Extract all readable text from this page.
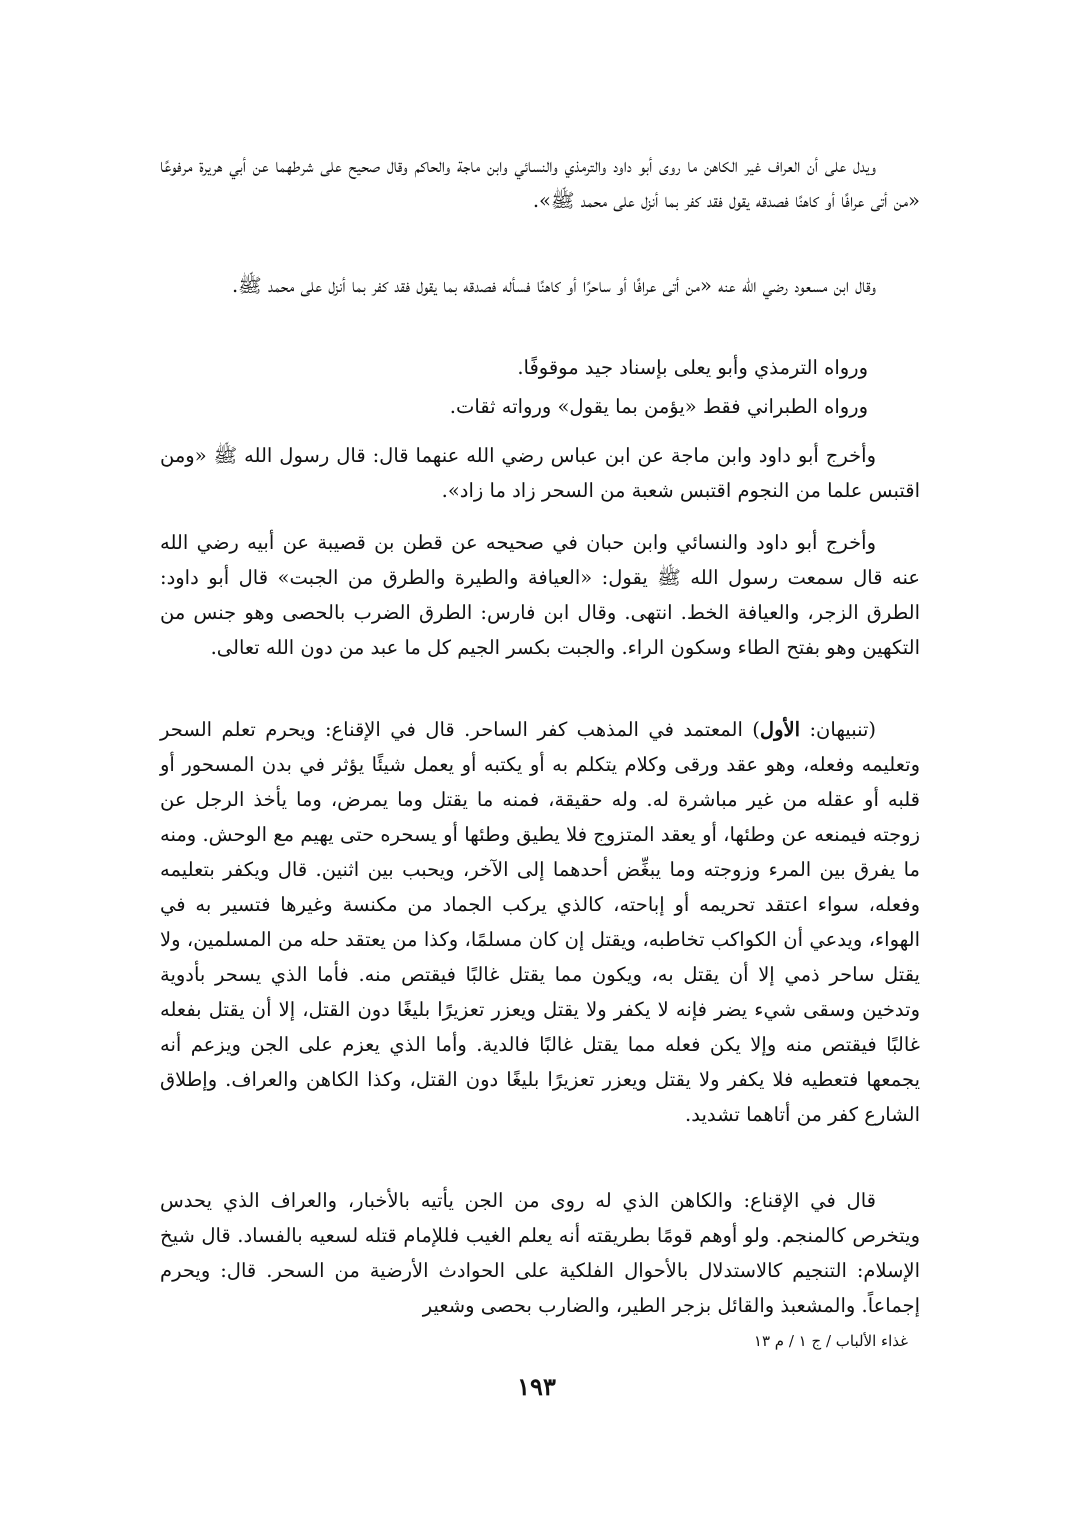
ويدل على أن العراف غير الكاهن ما روى أبو داود والترمذي والنسائي وابن ماجة والحاكم وقال صحيح على شرطهما عن أبي هريرة مرفوعًا «من أتى عرافًا أو كاهنًا فصدقه يقول فقد كفر بما أنزل على محمد ﷺ».

وقال ابن مسعود رضي الله عنه «من أتى عرافًا أو ساحرًا أو كاهنًا فسأله فصدقه بما يقول فقد كفر بما أنزل على محمد ﷺ.

ورواه الترمذي وأبو يعلى بإسناد جيد موقوفًا.

ورواه الطبراني فقط «يؤمن بما يقول» ورواته ثقات.

وأخرج أبو داود وابن ماجة عن ابن عباس رضي الله عنهما قال: قال رسول الله ﷺ «ومن اقتبس علما من النجوم اقتبس شعبة من السحر زاد ما زاد».

وأخرج أبو داود والنسائي وابن حبان في صحيحه عن قطن بن قصيبة عن أبيه رضي الله عنه قال سمعت رسول الله ﷺ يقول: «العيافة والطيرة والطرق من الجبت» قال أبو داود: الطرق الزجر، والعيافة الخط. انتهى. وقال ابن فارس: الطرق الضرب بالحصى وهو جنس من التكهين وهو بفتح الطاء وسكون الراء. والجبت بكسر الجيم كل ما عبد من دون الله تعالى.

(تنبيهان: الأول) المعتمد في المذهب كفر الساحر. قال في الإقناع: ويحرم تعلم السحر وتعليمه وفعله، وهو عقد ورقى وكلام يتكلم به أو يكتبه أو يعمل شيئًا يؤثر في بدن المسحور أو قلبه أو عقله من غير مباشرة له. وله حقيقة، فمنه ما يقتل وما يمرض، وما يأخذ الرجل عن زوجته فيمنعه عن وطئها، أو يعقد المتزوج فلا يطيق وطئها أو يسحره حتى يهيم مع الوحش. ومنه ما يفرق بين المرء وزوجته وما يبغِّض أحدهما إلى الآخر، ويحبب بين اثنين. قال ويكفر بتعليمه وفعله، سواء اعتقد تحريمه أو إباحته، كالذي يركب الجماد من مكنسة وغيرها فتسير به في الهواء، ويدعي أن الكواكب تخاطبه، ويقتل إن كان مسلمًا، وكذا من يعتقد حله من المسلمين، ولا يقتل ساحر ذمي إلا أن يقتل به، ويكون مما يقتل غالبًا فيقتص منه. فأما الذي يسحر بأدوية وتدخين وسقى شيء يضر فإنه لا يكفر ولا يقتل ويعزر تعزيرًا بليغًا دون القتل، إلا أن يقتل بفعله غالبًا فيقتص منه وإلا يكن فعله مما يقتل غالبًا فالدية. وأما الذي يعزم على الجن ويزعم أنه يجمعها فتعطيه فلا يكفر ولا يقتل ويعزر تعزيرًا بليغًا دون القتل، وكذا الكاهن والعراف. وإطلاق الشارع كفر من أتاهما تشديد.

قال في الإقناع: والكاهن الذي له روى من الجن يأتيه بالأخبار، والعراف الذي يحدس ويتخرص كالمنجم. ولو أوهم قومًا بطريقته أنه يعلم الغيب فللإمام قتله لسعيه بالفساد. قال شيخ الإسلام: التنجيم كالاستدلال بالأحوال الفلكية على الحوادث الأرضية من السحر. قال: ويحرم إجماعاً. والمشعبذ والقائل بزجر الطير، والضارب بحصى وشعير

غذاء الألباب / ج ١ / م ١٣

١٩٣
